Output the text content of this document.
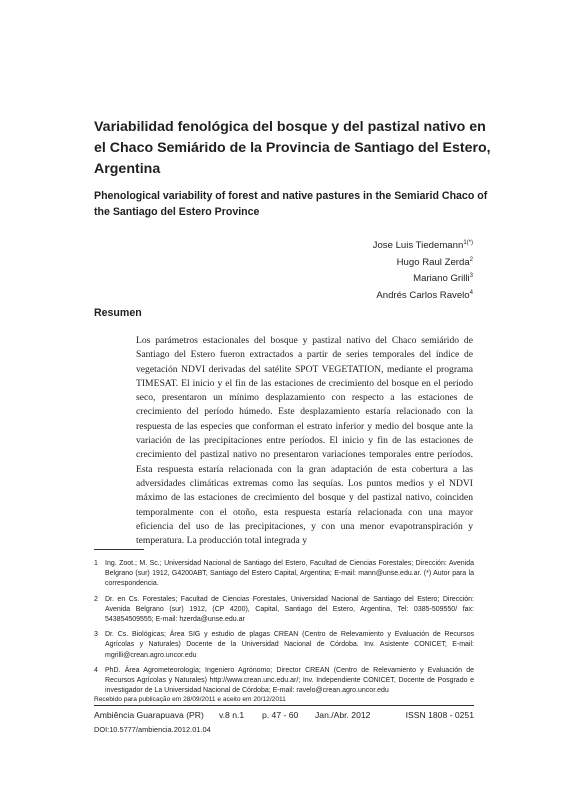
Variabilidad fenológica del bosque y del pastizal nativo en el Chaco Semiárido de la Provincia de Santiago del Estero, Argentina
Phenological variability of forest and native pastures in the Semiarid Chaco of the Santiago del Estero Province
Jose Luis Tiedemann$^{1(*)}$
Hugo Raul Zerda$^2$
Mariano Grilli$^3$
Andrés Carlos Ravelo$^4$
Resumen

Los parámetros estacionales del bosque y pastizal nativo del Chaco semiárido de Santiago del Estero fueron extractados a partir de series temporales del índice de vegetación NDVI derivadas del satélite SPOT VEGETATION, mediante el programa TIMESAT. El inicio y el fin de las estaciones de crecimiento del bosque en el período seco, presentaron un mínimo desplazamiento con respecto a las estaciones de crecimiento del período húmedo. Este desplazamiento estaría relacionado con la respuesta de las especies que conforman el estrato inferior y medio del bosque ante la variación de las precipitaciones entre períodos. El inicio y fin de las estaciones de crecimiento del pastizal nativo no presentaron variaciones temporales entre períodos. Esta respuesta estaría relacionada con la gran adaptación de esta cobertura a las adversidades climáticas extremas como las sequías. Los puntos medios y el NDVI máximo de las estaciones de crecimiento del bosque y del pastizal nativo, coinciden temporalmente con el otoño, esta respuesta estaría relacionada con una mayor eficiencia del uso de las precipitaciones, y con una menor evapotranspiración y temperatura. La producción total integrada y

1 Ing. Zoot.; M. Sc.; Universidad Nacional de Santiago del Estero, Facultad de Ciencias Forestales; Dirección: Avenida Belgrano (sur) 1912, G4200ABT, Santiago del Estero Capital, Argentina; E-mail: mann@unse.edu.ar. (*) Autor para la correspondencia.
2 Dr. en Cs. Forestales; Facultad de Ciencias Forestales, Universidad Nacional de Santiago del Estero; Dirección: Avenida Belgrano (sur) 1912, (CP 4200), Capital, Santiago del Estero, Argentina, Tel: 0385-509550/ fax: 543854509555; E-mail: hzerda@unse.edu.ar
3 Dr. Cs. Biológicas; Área SIG y estudio de plagas CREAN (Centro de Relevamiento y Evaluación de Recursos Agrícolas y Naturales) Docente de la Universidad Nacional de Córdoba. Inv. Asistente CONICET; E-mail: mgrilli@crean.agro.uncor.edu
4 PhD. Área Agrometeorología; Ingeniero Agrónomo; Director CREAN (Centro de Relevamiento y Evaluación de Recursos Agrícolas y Naturales) http://www.crean.unc.edu.ar/; Inv. Independiente CONICET, Docente de Posgrado e investigador de La Universidad Nacional de Córdoba; E-mail: ravelo@crean.agro.uncor.edu
Recebido para publicação em 28/09/2011 e aceito em 20/12/2011
Ambiência Guarapuava (PR) v.8 n.1 p. 47 - 60 Jan./Abr. 2012	ISSN 1808 - 0251
DOI:10.5777/ambiencia.2012.01.04
